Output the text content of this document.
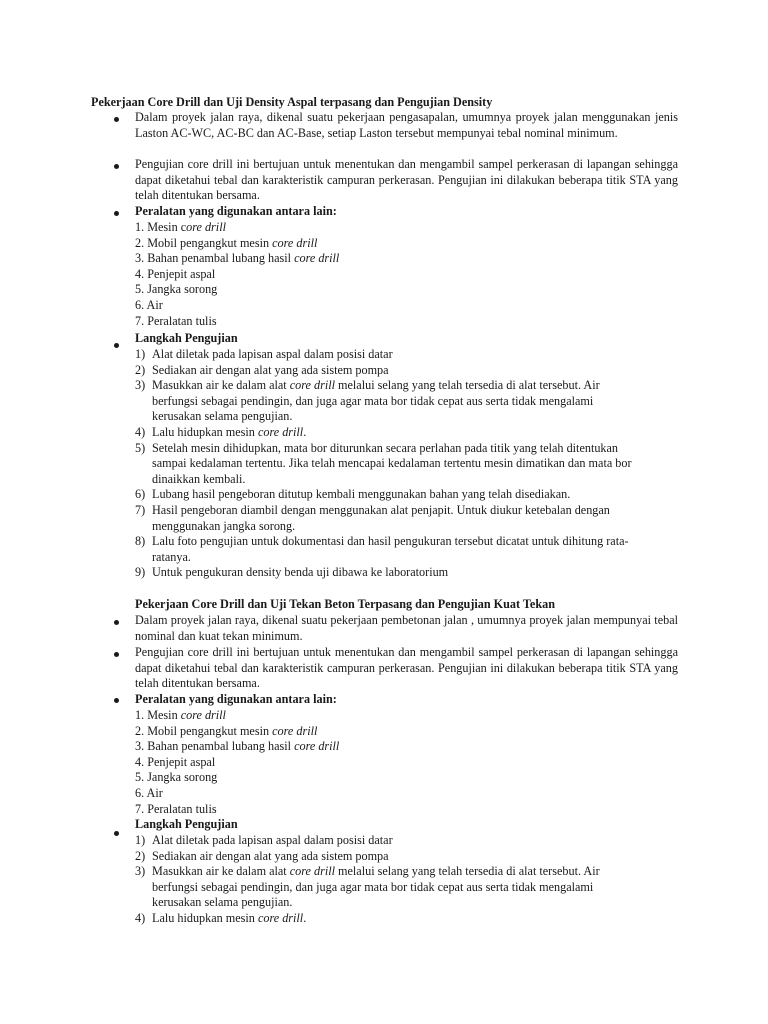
Pekerjaan Core Drill dan Uji Density Aspal terpasang dan Pengujian Density
Dalam proyek jalan raya, dikenal suatu pekerjaan pengasapalan, umumnya proyek jalan menggunakan jenis Laston AC-WC, AC-BC dan AC-Base, setiap Laston tersebut mempunyai tebal nominal minimum.
Pengujian core drill ini bertujuan untuk menentukan dan mengambil sampel perkerasan di lapangan sehingga dapat diketahui tebal dan karakteristik campuran perkerasan. Pengujian ini dilakukan beberapa titik STA yang telah ditentukan bersama.
Peralatan yang digunakan antara lain:
1. Mesin core drill
2. Mobil pengangkut mesin core drill
3. Bahan penambal lubang hasil core drill
4. Penjepit aspal
5. Jangka sorong
6. Air
7. Peralatan tulis
Langkah Pengujian
1) Alat diletak pada lapisan aspal dalam posisi datar
2) Sediakan air dengan alat yang ada sistem pompa
3) Masukkan air ke dalam alat core drill melalui selang yang telah tersedia di alat tersebut. Air
berfungsi sebagai pendingin, dan juga agar mata bor tidak cepat aus serta tidak mengalami
kerusakan selama pengujian.
4) Lalu hidupkan mesin core drill.
5) Setelah mesin dihidupkan, mata bor diturunkan secara perlahan pada titik yang telah ditentukan
sampai kedalaman tertentu. Jika telah mencapai kedalaman tertentu mesin dimatikan dan mata bor
dinaikkan kembali.
6) Lubang hasil pengeboran ditutup kembali menggunakan bahan yang telah disediakan.
7) Hasil pengeboran diambil dengan menggunakan alat penjapit. Untuk diukur ketebalan dengan
menggunakan jangka sorong.
8) Lalu foto pengujian untuk dokumentasi dan hasil pengukuran tersebut dicatat untuk dihitung rata-
ratanya.
9) Untuk pengukuran density benda uji dibawa ke laboratorium
Pekerjaan Core Drill dan Uji Tekan Beton Terpasang dan Pengujian Kuat Tekan
Dalam proyek jalan raya, dikenal suatu pekerjaan pembetonan jalan , umumnya proyek jalan mempunyai tebal nominal dan kuat tekan minimum.
Pengujian core drill ini bertujuan untuk menentukan dan mengambil sampel perkerasan di lapangan sehingga dapat diketahui tebal dan karakteristik campuran perkerasan. Pengujian ini dilakukan beberapa titik STA yang telah ditentukan bersama.
Peralatan yang digunakan antara lain:
1. Mesin core drill
2. Mobil pengangkut mesin core drill
3. Bahan penambal lubang hasil core drill
4. Penjepit aspal
5. Jangka sorong
6. Air
7. Peralatan tulis
Langkah Pengujian
1) Alat diletak pada lapisan aspal dalam posisi datar
2) Sediakan air dengan alat yang ada sistem pompa
3) Masukkan air ke dalam alat core drill melalui selang yang telah tersedia di alat tersebut. Air
berfungsi sebagai pendingin, dan juga agar mata bor tidak cepat aus serta tidak mengalami
kerusakan selama pengujian.
4) Lalu hidupkan mesin core drill.
